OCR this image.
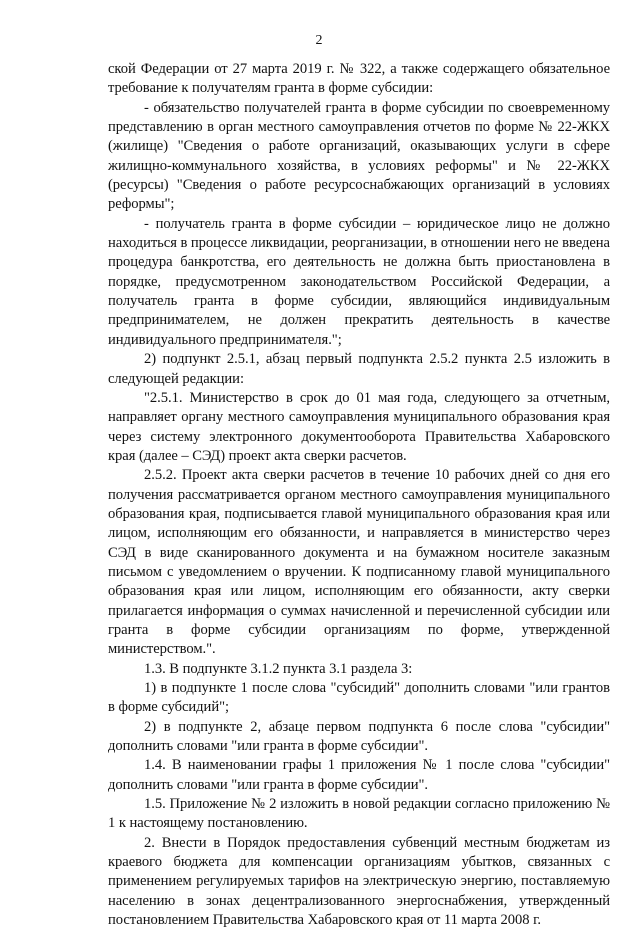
2

ской Федерации от 27 марта 2019 г. № 322, а также содержащего обязательное требование к получателям гранта в форме субсидии:

- обязательство получателей гранта в форме субсидии по своевременному представлению в орган местного самоуправления отчетов по форме № 22-ЖКХ (жилище) "Сведения о работе организаций, оказывающих услуги в сфере жилищно-коммунального хозяйства, в условиях реформы" и № 22-ЖКХ (ресурсы) "Сведения о работе ресурсоснабжающих организаций в условиях реформы";

- получатель гранта в форме субсидии – юридическое лицо не должно находиться в процессе ликвидации, реорганизации, в отношении него не введена процедура банкротства, его деятельность не должна быть приостановлена в порядке, предусмотренном законодательством Российской Федерации, а получатель гранта в форме субсидии, являющийся индивидуальным предпринимателем, не должен прекратить деятельность в качестве индивидуального предпринимателя.";

2) подпункт 2.5.1, абзац первый подпункта 2.5.2 пункта 2.5 изложить в следующей редакции:

"2.5.1. Министерство в срок до 01 мая года, следующего за отчетным, направляет органу местного самоуправления муниципального образования края через систему электронного документооборота Правительства Хабаровского края (далее – СЭД) проект акта сверки расчетов.

2.5.2. Проект акта сверки расчетов в течение 10 рабочих дней со дня его получения рассматривается органом местного самоуправления муниципального образования края, подписывается главой муниципального образования края или лицом, исполняющим его обязанности, и направляется в министерство через СЭД в виде сканированного документа и на бумажном носителе заказным письмом с уведомлением о вручении. К подписанному главой муниципального образования края или лицом, исполняющим его обязанности, акту сверки прилагается информация о суммах начисленной и перечисленной субсидии или гранта в форме субсидии организациям по форме, утвержденной министерством.".

1.3. В подпункте 3.1.2 пункта 3.1 раздела 3:

1) в подпункте 1 после слова "субсидий" дополнить словами "или грантов в форме субсидий";

2) в подпункте 2, абзаце первом подпункта 6 после слова "субсидии" дополнить словами "или гранта в форме субсидии".

1.4. В наименовании графы 1 приложения № 1 после слова "субсидии" дополнить словами "или гранта в форме субсидии".

1.5. Приложение № 2 изложить в новой редакции согласно приложению № 1 к настоящему постановлению.

2. Внести в Порядок предоставления субвенций местным бюджетам из краевого бюджета для компенсации организациям убытков, связанных с применением регулируемых тарифов на электрическую энергию, поставляемую населению в зонах децентрализованного энергоснабжения, утвержденный постановлением Правительства Хабаровского края от 11 марта 2008 г.
